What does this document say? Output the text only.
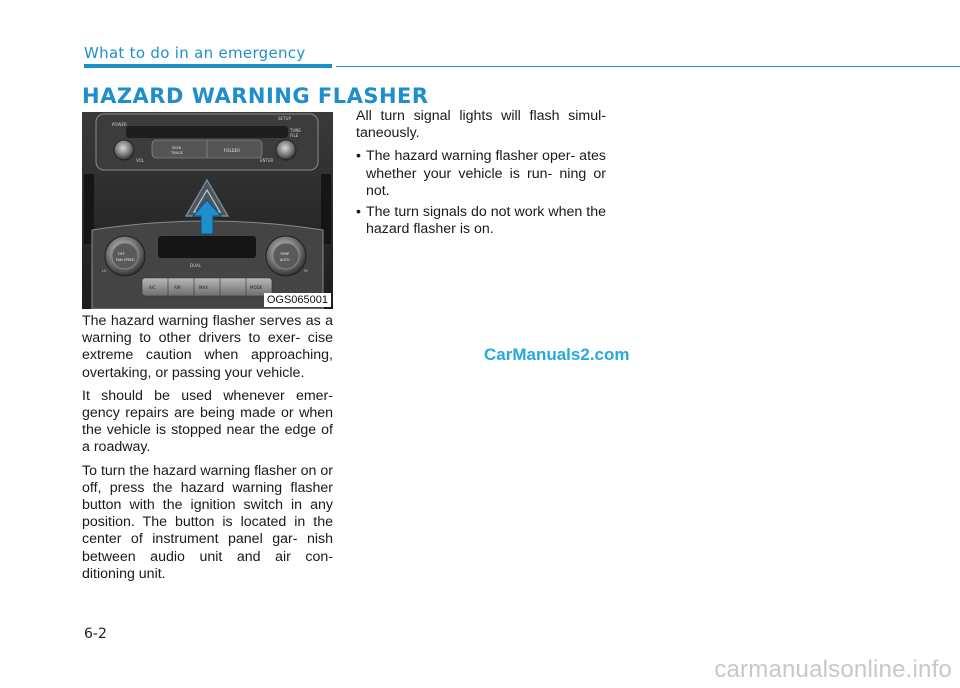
What to do in an emergency
HAZARD WARNING FLASHER
POWER
SETUP
TUNE
FILE
SEEK
TRACK	FOLDER
VOL	ENTER
DUAL
OFF
FAN SPEED
TEMP
AUTO
LO	HI
A/C	AIR	MAX	MODE
OGS065001

The hazard warning flasher serves as a warning to other drivers to exer- cise extreme caution when approaching, overtaking, or passing your vehicle.

It should be used whenever emer- gency repairs are being made or when the vehicle is stopped near the edge of a roadway.

To turn the hazard warning flasher on or off, press the hazard warning flasher button with the ignition switch in any position. The button is located in the center of instrument panel gar- nish between audio unit and air con- ditioning unit.

All turn signal lights will flash simul- taneously.

• The hazard warning flasher oper- ates whether your vehicle is run- ning or not.
• The turn signals do not work when the hazard flasher is on.
CarManuals2.com
6-2
carmanualsonline.info
